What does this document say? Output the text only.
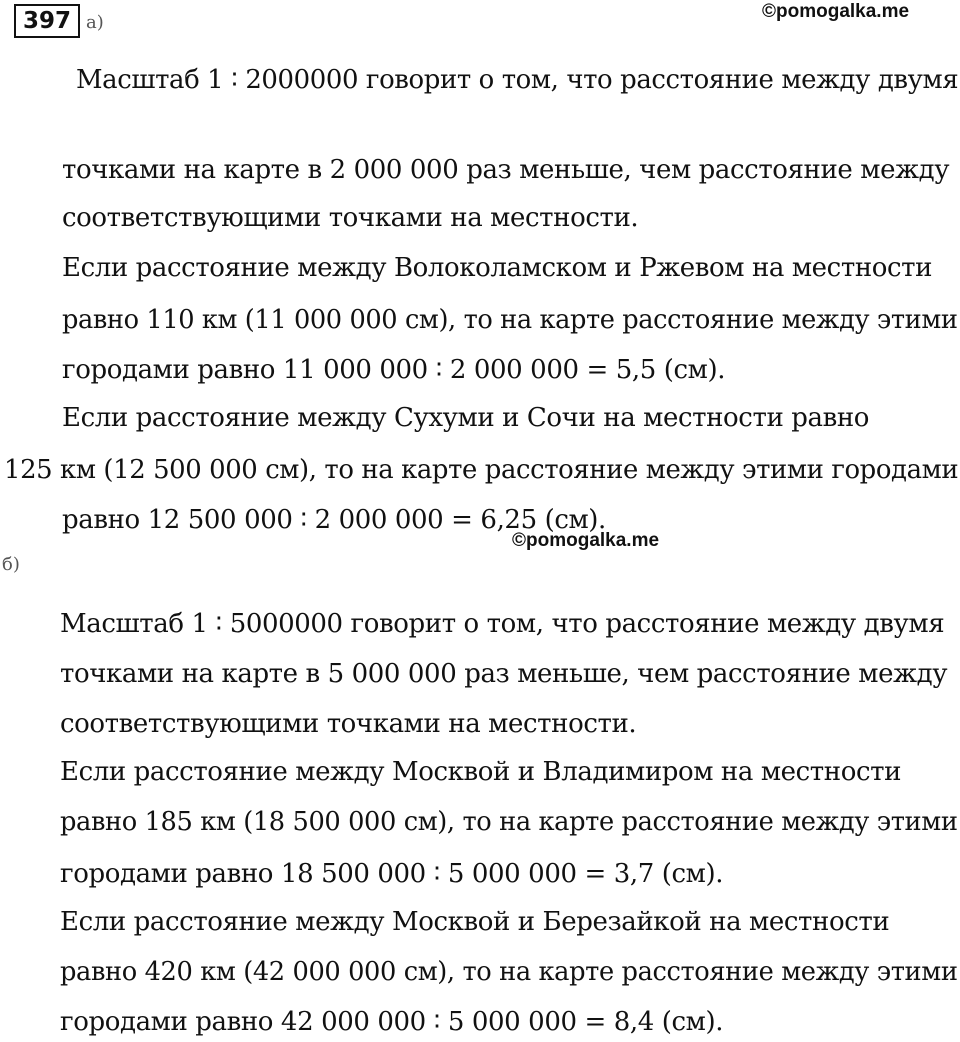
397 а)
©pomogalka.me
Масштаб 1 ∶ 2000000 говорит о том, что расстояние между двумя
точками на карте в 2 000 000 раз меньше, чем расстояние между
соответствующими точками на местности.
Если расстояние между Волоколамском и Ржевом на местности
равно 110 км (11 000 000 см), то на карте расстояние между этими
городами равно 11 000 000 ∶ 2 000 000 = 5,5 (см).
Если расстояние между Сухуми и Сочи на местности равно
125 км (12 500 000 см), то на карте расстояние между этими городами
равно 12 500 000 ∶ 2 000 000 = 6,25 (см).
©pomogalka.me
б)
Масштаб 1 ∶ 5000000 говорит о том, что расстояние между двумя
точками на карте в 5 000 000 раз меньше, чем расстояние между
соответствующими точками на местности.
Если расстояние между Москвой и Владимиром на местности
равно 185 км (18 500 000 см), то на карте расстояние между этими
городами равно 18 500 000 ∶ 5 000 000 = 3,7 (см).
Если расстояние между Москвой и Березайкой на местности
равно 420 км (42 000 000 см), то на карте расстояние между этими
городами равно 42 000 000 ∶ 5 000 000 = 8,4 (см).
